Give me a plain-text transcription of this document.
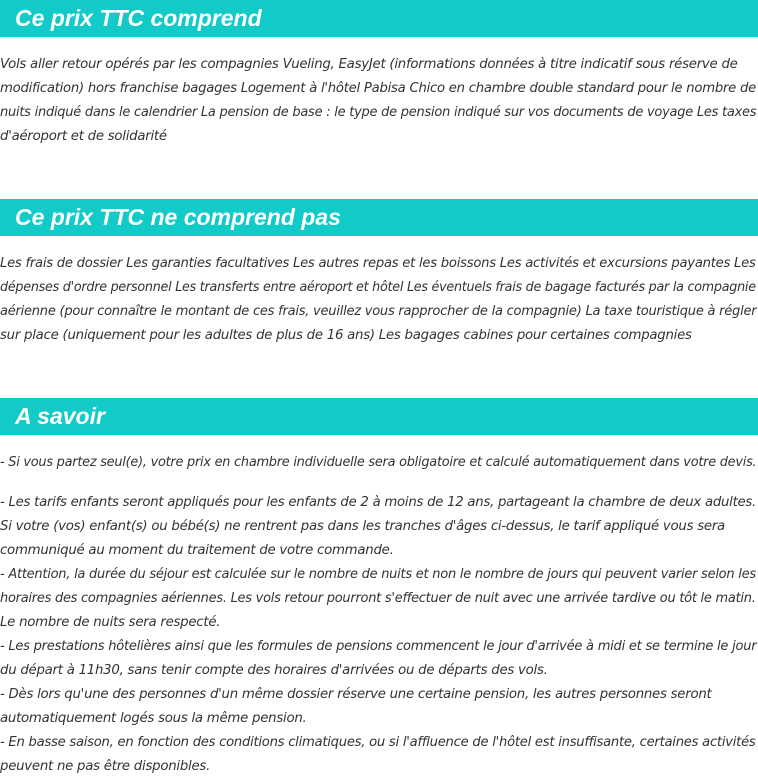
Ce prix TTC comprend
Vols aller retour opérés par les compagnies Vueling, EasyJet (informations données à titre indicatif sous réserve de
modification) hors franchise bagages Logement à l'hôtel Pabisa Chico en chambre double standard pour le nombre de
nuits indiqué dans le calendrier La pension de base : le type de pension indiqué sur vos documents de voyage Les taxes
d'aéroport et de solidarité
Ce prix TTC ne comprend pas
Les frais de dossier Les garanties facultatives Les autres repas et les boissons Les activités et excursions payantes Les
dépenses d'ordre personnel Les transferts entre aéroport et hôtel Les éventuels frais de bagage facturés par la compagnie
aérienne (pour connaître le montant de ces frais, veuillez vous rapprocher de la compagnie) La taxe touristique à régler
sur place (uniquement pour les adultes de plus de 16 ans) Les bagages cabines pour certaines compagnies
A savoir
- Si vous partez seul(e), votre prix en chambre individuelle sera obligatoire et calculé automatiquement dans votre devis.
- Les tarifs enfants seront appliqués pour les enfants de 2 à moins de 12 ans, partageant la chambre de deux adultes.
Si votre (vos) enfant(s) ou bébé(s) ne rentrent pas dans les tranches d'âges ci-dessus, le tarif appliqué vous sera
communiqué au moment du traitement de votre commande.
- Attention, la durée du séjour est calculée sur le nombre de nuits et non le nombre de jours qui peuvent varier selon les
horaires des compagnies aériennes. Les vols retour pourront s'effectuer de nuit avec une arrivée tardive ou tôt le matin.
Le nombre de nuits sera respecté.
- Les prestations hôtelières ainsi que les formules de pensions commencent le jour d'arrivée à midi et se termine le jour
du départ à 11h30, sans tenir compte des horaires d'arrivées ou de départs des vols.
- Dès lors qu'une des personnes d'un même dossier réserve une certaine pension, les autres personnes seront
automatiquement logés sous la même pension.
- En basse saison, en fonction des conditions climatiques, ou si l'affluence de l'hôtel est insuffisante, certaines activités
peuvent ne pas être disponibles.
